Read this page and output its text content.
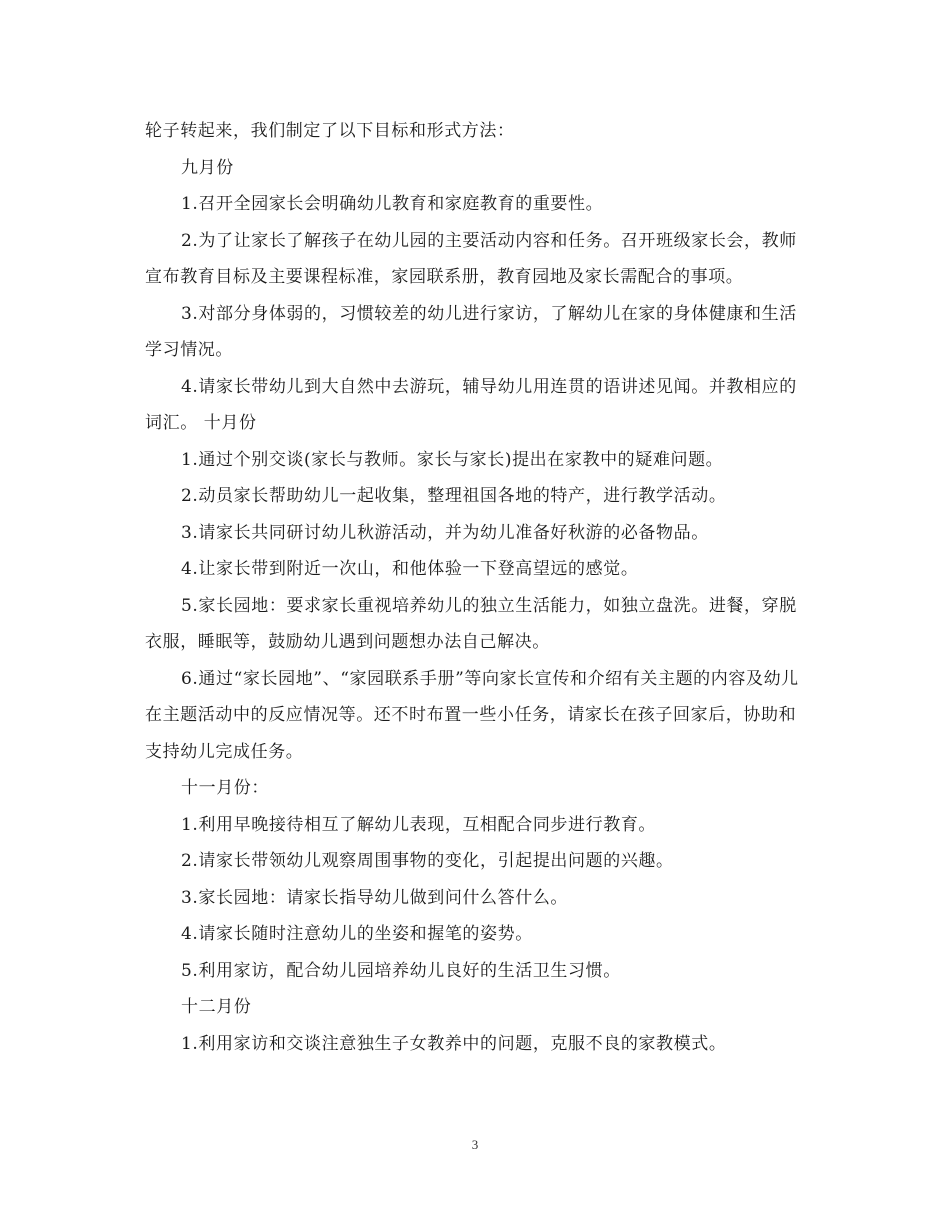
轮子转起来，我们制定了以下目标和形式方法：

九月份

1.召开全园家长会明确幼儿教育和家庭教育的重要性。

2.为了让家长了解孩子在幼儿园的主要活动内容和任务。召开班级家长会，教师宣布教育目标及主要课程标准，家园联系册，教育园地及家长需配合的事项。

3.对部分身体弱的，习惯较差的幼儿进行家访，了解幼儿在家的身体健康和生活学习情况。

4.请家长带幼儿到大自然中去游玩，辅导幼儿用连贯的语讲述见闻。并教相应的词汇。 十月份

1.通过个别交谈(家长与教师。家长与家长)提出在家教中的疑难问题。

2.动员家长帮助幼儿一起收集，整理祖国各地的特产，进行教学活动。

3.请家长共同研讨幼儿秋游活动，并为幼儿准备好秋游的必备物品。

4.让家长带到附近一次山，和他体验一下登高望远的感觉。

5.家长园地：要求家长重视培养幼儿的独立生活能力，如独立盘洗。进餐，穿脱衣服，睡眠等，鼓励幼儿遇到问题想办法自己解决。

6.通过“家长园地”、“家园联系手册”等向家长宣传和介绍有关主题的内容及幼儿在主题活动中的反应情况等。还不时布置一些小任务，请家长在孩子回家后，协助和支持幼儿完成任务。

十一月份：

1.利用早晚接待相互了解幼儿表现，互相配合同步进行教育。

2.请家长带领幼儿观察周围事物的变化，引起提出问题的兴趣。

3.家长园地：请家长指导幼儿做到问什么答什么。

4.请家长随时注意幼儿的坐姿和握笔的姿势。

5.利用家访，配合幼儿园培养幼儿良好的生活卫生习惯。

十二月份

1.利用家访和交谈注意独生子女教养中的问题，克服不良的家教模式。

3
